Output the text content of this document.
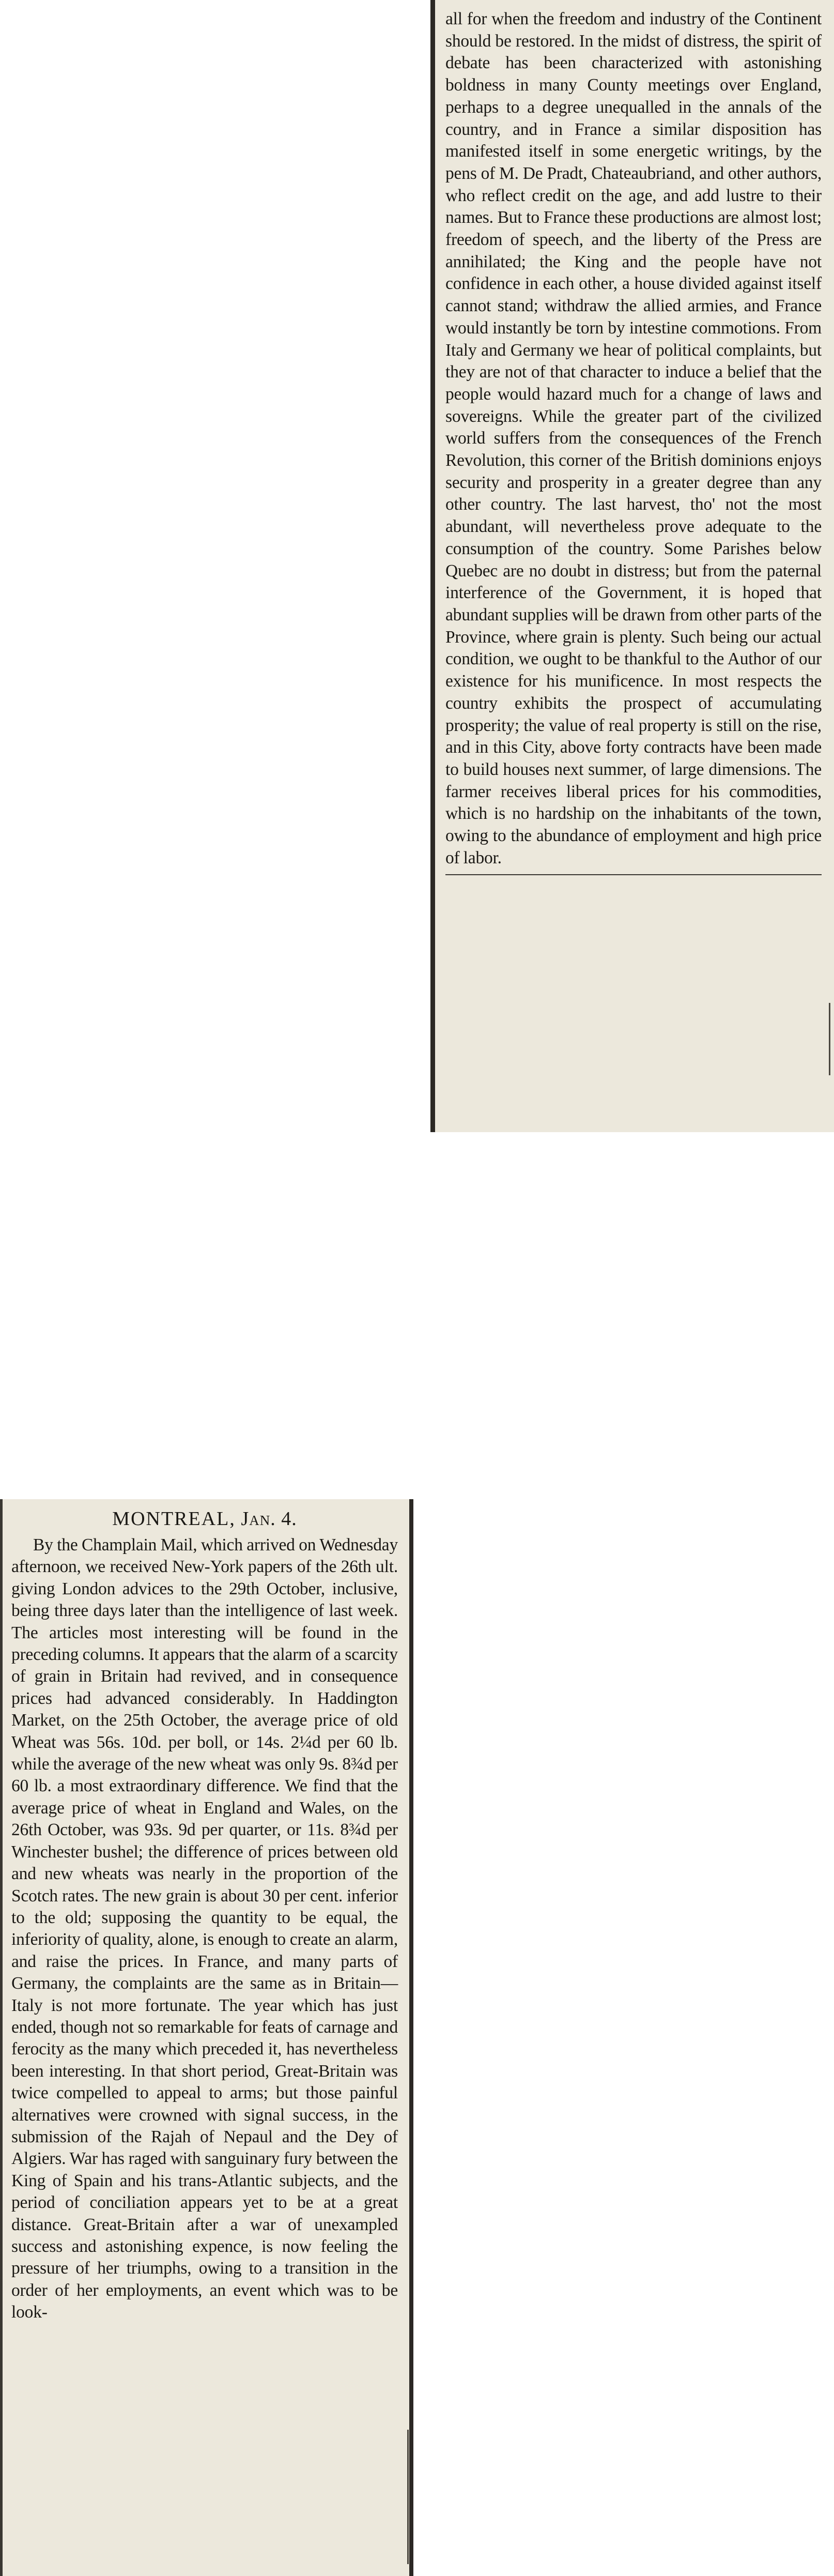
all for when the freedom and industry of the Continent should be restored. In the midst of distress, the spirit of debate has been characterized with astonishing boldness in many County meetings over England, perhaps to a degree unequalled in the annals of the country, and in France a similar disposition has manifested itself in some energetic writings, by the pens of M. De Pradt, Chateaubriand, and other authors, who reflect credit on the age, and add lustre to their names. But to France these productions are almost lost; freedom of speech, and the liberty of the Press are annihilated; the King and the people have not confidence in each other, a house divided against itself cannot stand; withdraw the allied armies, and France would instantly be torn by intestine commotions. From Italy and Germany we hear of political complaints, but they are not of that character to induce a belief that the people would hazard much for a change of laws and sovereigns. While the greater part of the civilized world suffers from the consequences of the French Revolution, this corner of the British dominions enjoys security and prosperity in a greater degree than any other country. The last harvest, tho' not the most abundant, will nevertheless prove adequate to the consumption of the country. Some Parishes below Quebec are no doubt in distress; but from the paternal interference of the Government, it is hoped that abundant supplies will be drawn from other parts of the Province, where grain is plenty. Such being our actual condition, we ought to be thankful to the Author of our existence for his munificence. In most respects the country exhibits the prospect of accumulating prosperity; the value of real property is still on the rise, and in this City, above forty contracts have been made to build houses next summer, of large dimensions. The farmer receives liberal prices for his commodities, which is no hardship on the inhabitants of the town, owing to the abundance of employment and high price of labor.

MONTREAL, Jan. 4.

By the Champlain Mail, which arrived on Wednesday afternoon, we received New-York papers of the 26th ult. giving London advices to the 29th October, inclusive, being three days later than the intelligence of last week. The articles most interesting will be found in the preceding columns. It appears that the alarm of a scarcity of grain in Britain had revived, and in consequence prices had advanced considerably. In Haddington Market, on the 25th October, the average price of old Wheat was 56s. 10d. per boll, or 14s. 2¼d per 60 lb. while the average of the new wheat was only 9s. 8¾d per 60 lb. a most extraordinary difference. We find that the average price of wheat in England and Wales, on the 26th October, was 93s. 9d per quarter, or 11s. 8¾d per Winchester bushel; the difference of prices between old and new wheats was nearly in the proportion of the Scotch rates. The new grain is about 30 per cent. inferior to the old; supposing the quantity to be equal, the inferiority of quality, alone, is enough to create an alarm, and raise the prices. In France, and many parts of Germany, the complaints are the same as in Britain—Italy is not more fortunate. The year which has just ended, though not so remarkable for feats of carnage and ferocity as the many which preceded it, has nevertheless been interesting. In that short period, Great-Britain was twice compelled to appeal to arms; but those painful alternatives were crowned with signal success, in the submission of the Rajah of Nepaul and the Dey of Algiers. War has raged with sanguinary fury between the King of Spain and his trans-Atlantic subjects, and the period of conciliation appears yet to be at a great distance. Great-Britain after a war of unexampled success and astonishing expence, is now feeling the pressure of her triumphs, owing to a transition in the order of her employments, an event which was to be look-
